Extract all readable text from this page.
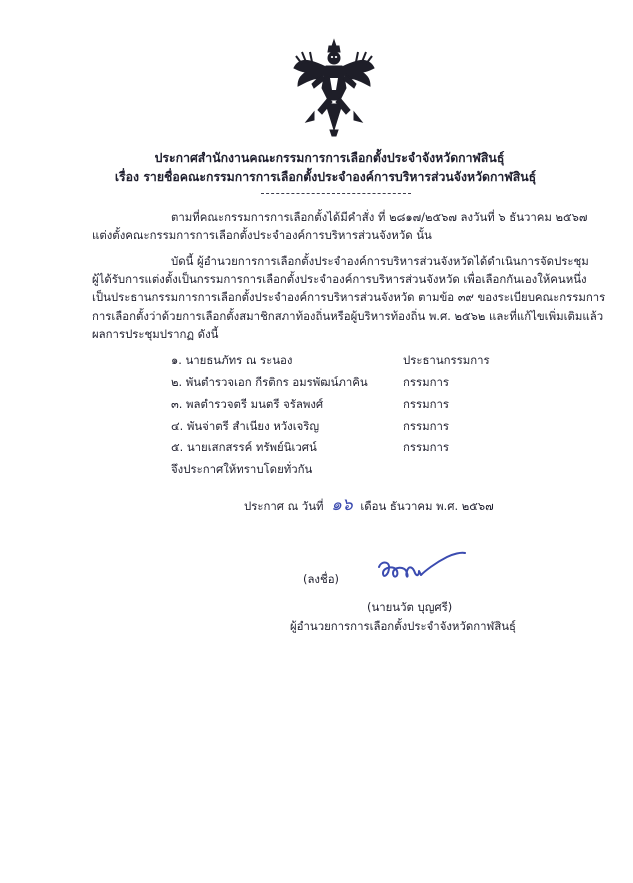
ประกาศสำนักงานคณะกรรมการการเลือกตั้งประจำจังหวัดกาฬสินธุ์
เรื่อง รายชื่อคณะกรรมการการเลือกตั้งประจำองค์การบริหารส่วนจังหวัดกาฬสินธุ์
ตามที่คณะกรรมการการเลือกตั้งได้มีคำสั่ง ที่ ๒๘๑๗/๒๕๖๗ ลงวันที่ ๖ ธันวาคม ๒๕๖๗
แต่งตั้งคณะกรรมการการเลือกตั้งประจำองค์การบริหารส่วนจังหวัด นั้น
บัดนี้ ผู้อำนวยการการเลือกตั้งประจำองค์การบริหารส่วนจังหวัดได้ดำเนินการจัดประชุม
ผู้ได้รับการแต่งตั้งเป็นกรรมการการเลือกตั้งประจำองค์การบริหารส่วนจังหวัด เพื่อเลือกกันเองให้คนหนึ่ง
เป็นประธานกรรมการการเลือกตั้งประจำองค์การบริหารส่วนจังหวัด ตามข้อ ๓๙ ของระเบียบคณะกรรมการ
การเลือกตั้งว่าด้วยการเลือกตั้งสมาชิกสภาท้องถิ่นหรือผู้บริหารท้องถิ่น พ.ศ. ๒๕๖๒ และที่แก้ไขเพิ่มเติมแล้ว
ผลการประชุมปรากฏ ดังนี้
๑. นายธนภัทร ณ ระนอง	ประธานกรรมการ
๒. พันตำรวจเอก กีรติกร อมรพัฒน์ภาคิน	กรรมการ
๓. พลตำรวจตรี มนตรี จรัลพงศ์	กรรมการ
๔. พันจ่าตรี สำเนียง หวังเจริญ	กรรมการ
๕. นายเสกสรรค์ ทรัพย์นิเวศน์	กรรมการ
จึงประกาศให้ทราบโดยทั่วกัน
ประกาศ ณ วันที่ ๑๖ เดือน ธันวาคม พ.ศ. ๒๕๖๗
(ลงชื่อ)
(นายนวัต บุญศรี)
ผู้อำนวยการการเลือกตั้งประจำจังหวัดกาฬสินธุ์
